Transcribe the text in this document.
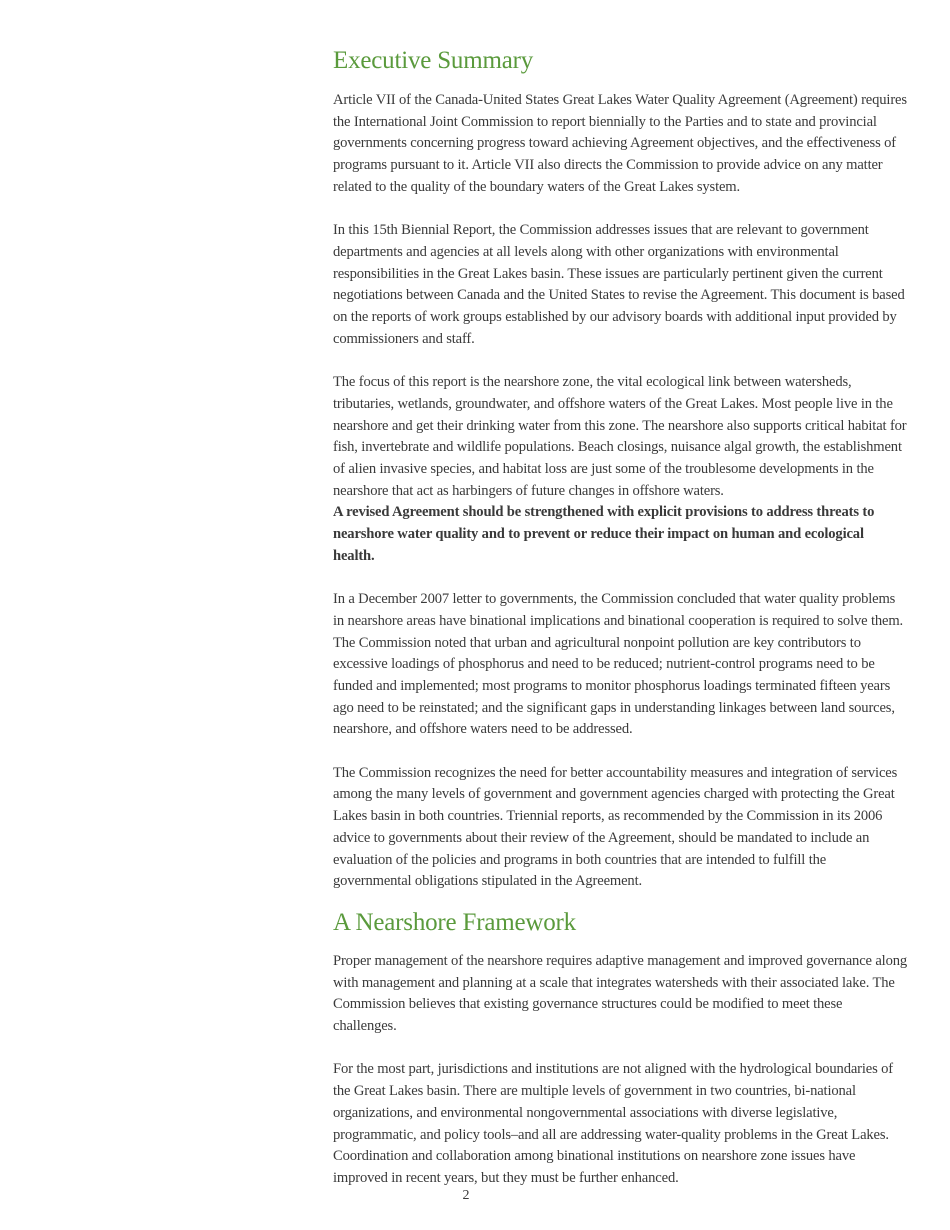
Executive Summary

Article VII of the Canada-United States Great Lakes Water Quality Agreement (Agreement) requires the International Joint Commission to report biennially to the Parties and to state and provincial governments concerning progress toward achieving Agreement objectives, and the effectiveness of programs pursuant to it. Article VII also directs the Commission to provide advice on any matter related to the quality of the boundary waters of the Great Lakes system.

In this 15th Biennial Report, the Commission addresses issues that are relevant to government departments and agencies at all levels along with other organizations with environmental responsibilities in the Great Lakes basin. These issues are particularly pertinent given the current negotiations between Canada and the United States to revise the Agreement. This document is based on the reports of work groups established by our advisory boards with additional input provided by commissioners and staff.

The focus of this report is the nearshore zone, the vital ecological link between watersheds, tributaries, wetlands, groundwater, and offshore waters of the Great Lakes. Most people live in the nearshore and get their drinking water from this zone. The nearshore also supports critical habitat for fish, invertebrate and wildlife populations. Beach closings, nuisance algal growth, the establishment of alien invasive species, and habitat loss are just some of the troublesome developments in the nearshore that act as harbingers of future changes in offshore waters.

A revised Agreement should be strengthened with explicit provisions to address threats to nearshore water quality and to prevent or reduce their impact on human and ecological health.

In a December 2007 letter to governments, the Commission concluded that water quality problems in nearshore areas have binational implications and binational cooperation is required to solve them. The Commission noted that urban and agricultural nonpoint pollution are key contributors to excessive loadings of phosphorus and need to be reduced; nutrient-control programs need to be funded and implemented; most programs to monitor phosphorus loadings terminated fifteen years ago need to be reinstated; and the significant gaps in understanding linkages between land sources, nearshore, and offshore waters need to be addressed.

The Commission recognizes the need for better accountability measures and integration of services among the many levels of government and government agencies charged with protecting the Great Lakes basin in both countries. Triennial reports, as recommended by the Commission in its 2006 advice to governments about their review of the Agreement, should be mandated to include an evaluation of the policies and programs in both countries that are intended to fulfill the governmental obligations stipulated in the Agreement.

A Nearshore Framework

Proper management of the nearshore requires adaptive management and improved governance along with management and planning at a scale that integrates watersheds with their associated lake. The Commission believes that existing governance structures could be modified to meet these challenges.

For the most part, jurisdictions and institutions are not aligned with the hydrological boundaries of the Great Lakes basin. There are multiple levels of government in two countries, bi-national organizations, and environmental nongovernmental associations with diverse legislative, programmatic, and policy tools–and all are addressing water-quality problems in the Great Lakes. Coordination and collaboration among binational institutions on nearshore zone issues have improved in recent years, but they must be further enhanced.

2
